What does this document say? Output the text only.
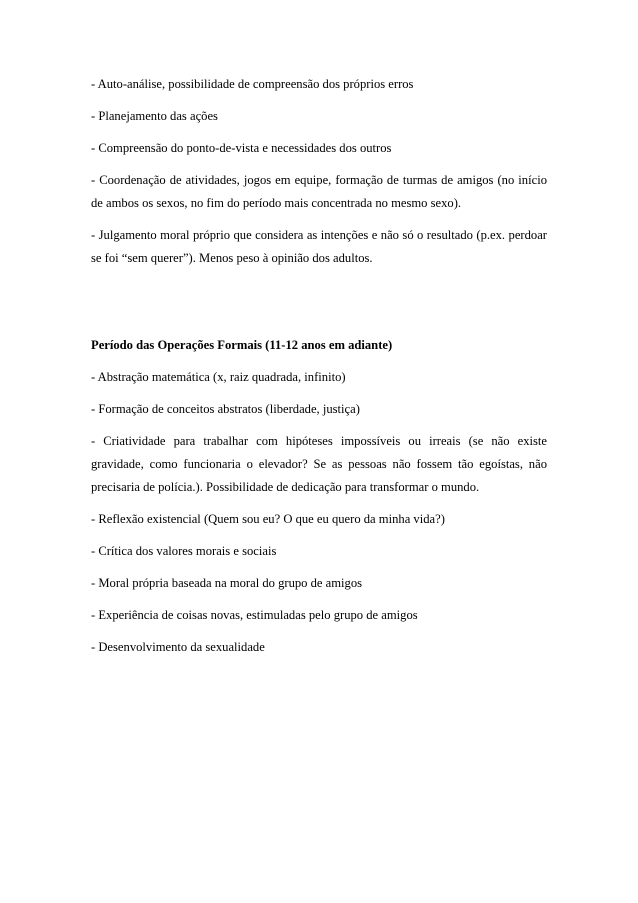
- Auto-análise, possibilidade de compreensão dos próprios erros

- Planejamento das ações

- Compreensão do ponto-de-vista e necessidades dos outros

- Coordenação de atividades, jogos em equipe, formação de turmas de amigos (no início de ambos os sexos, no fim do período mais concentrada no mesmo sexo).

- Julgamento moral próprio que considera as intenções e não só o resultado (p.ex. perdoar se foi “sem querer”). Menos peso à opinião dos adultos.

Período das Operações Formais (11-12 anos em adiante)

- Abstração matemática (x, raiz quadrada, infinito)

- Formação de conceitos abstratos (liberdade, justiça)

- Criatividade para trabalhar com hipóteses impossíveis ou irreais (se não existe gravidade, como funcionaria o elevador? Se as pessoas não fossem tão egoístas, não precisaria de polícia.). Possibilidade de dedicação para transformar o mundo.

- Reflexão existencial (Quem sou eu? O que eu quero da minha vida?)

- Crítica dos valores morais e sociais

- Moral própria baseada na moral do grupo de amigos

- Experiência de coisas novas, estimuladas pelo grupo de amigos

- Desenvolvimento da sexualidade
